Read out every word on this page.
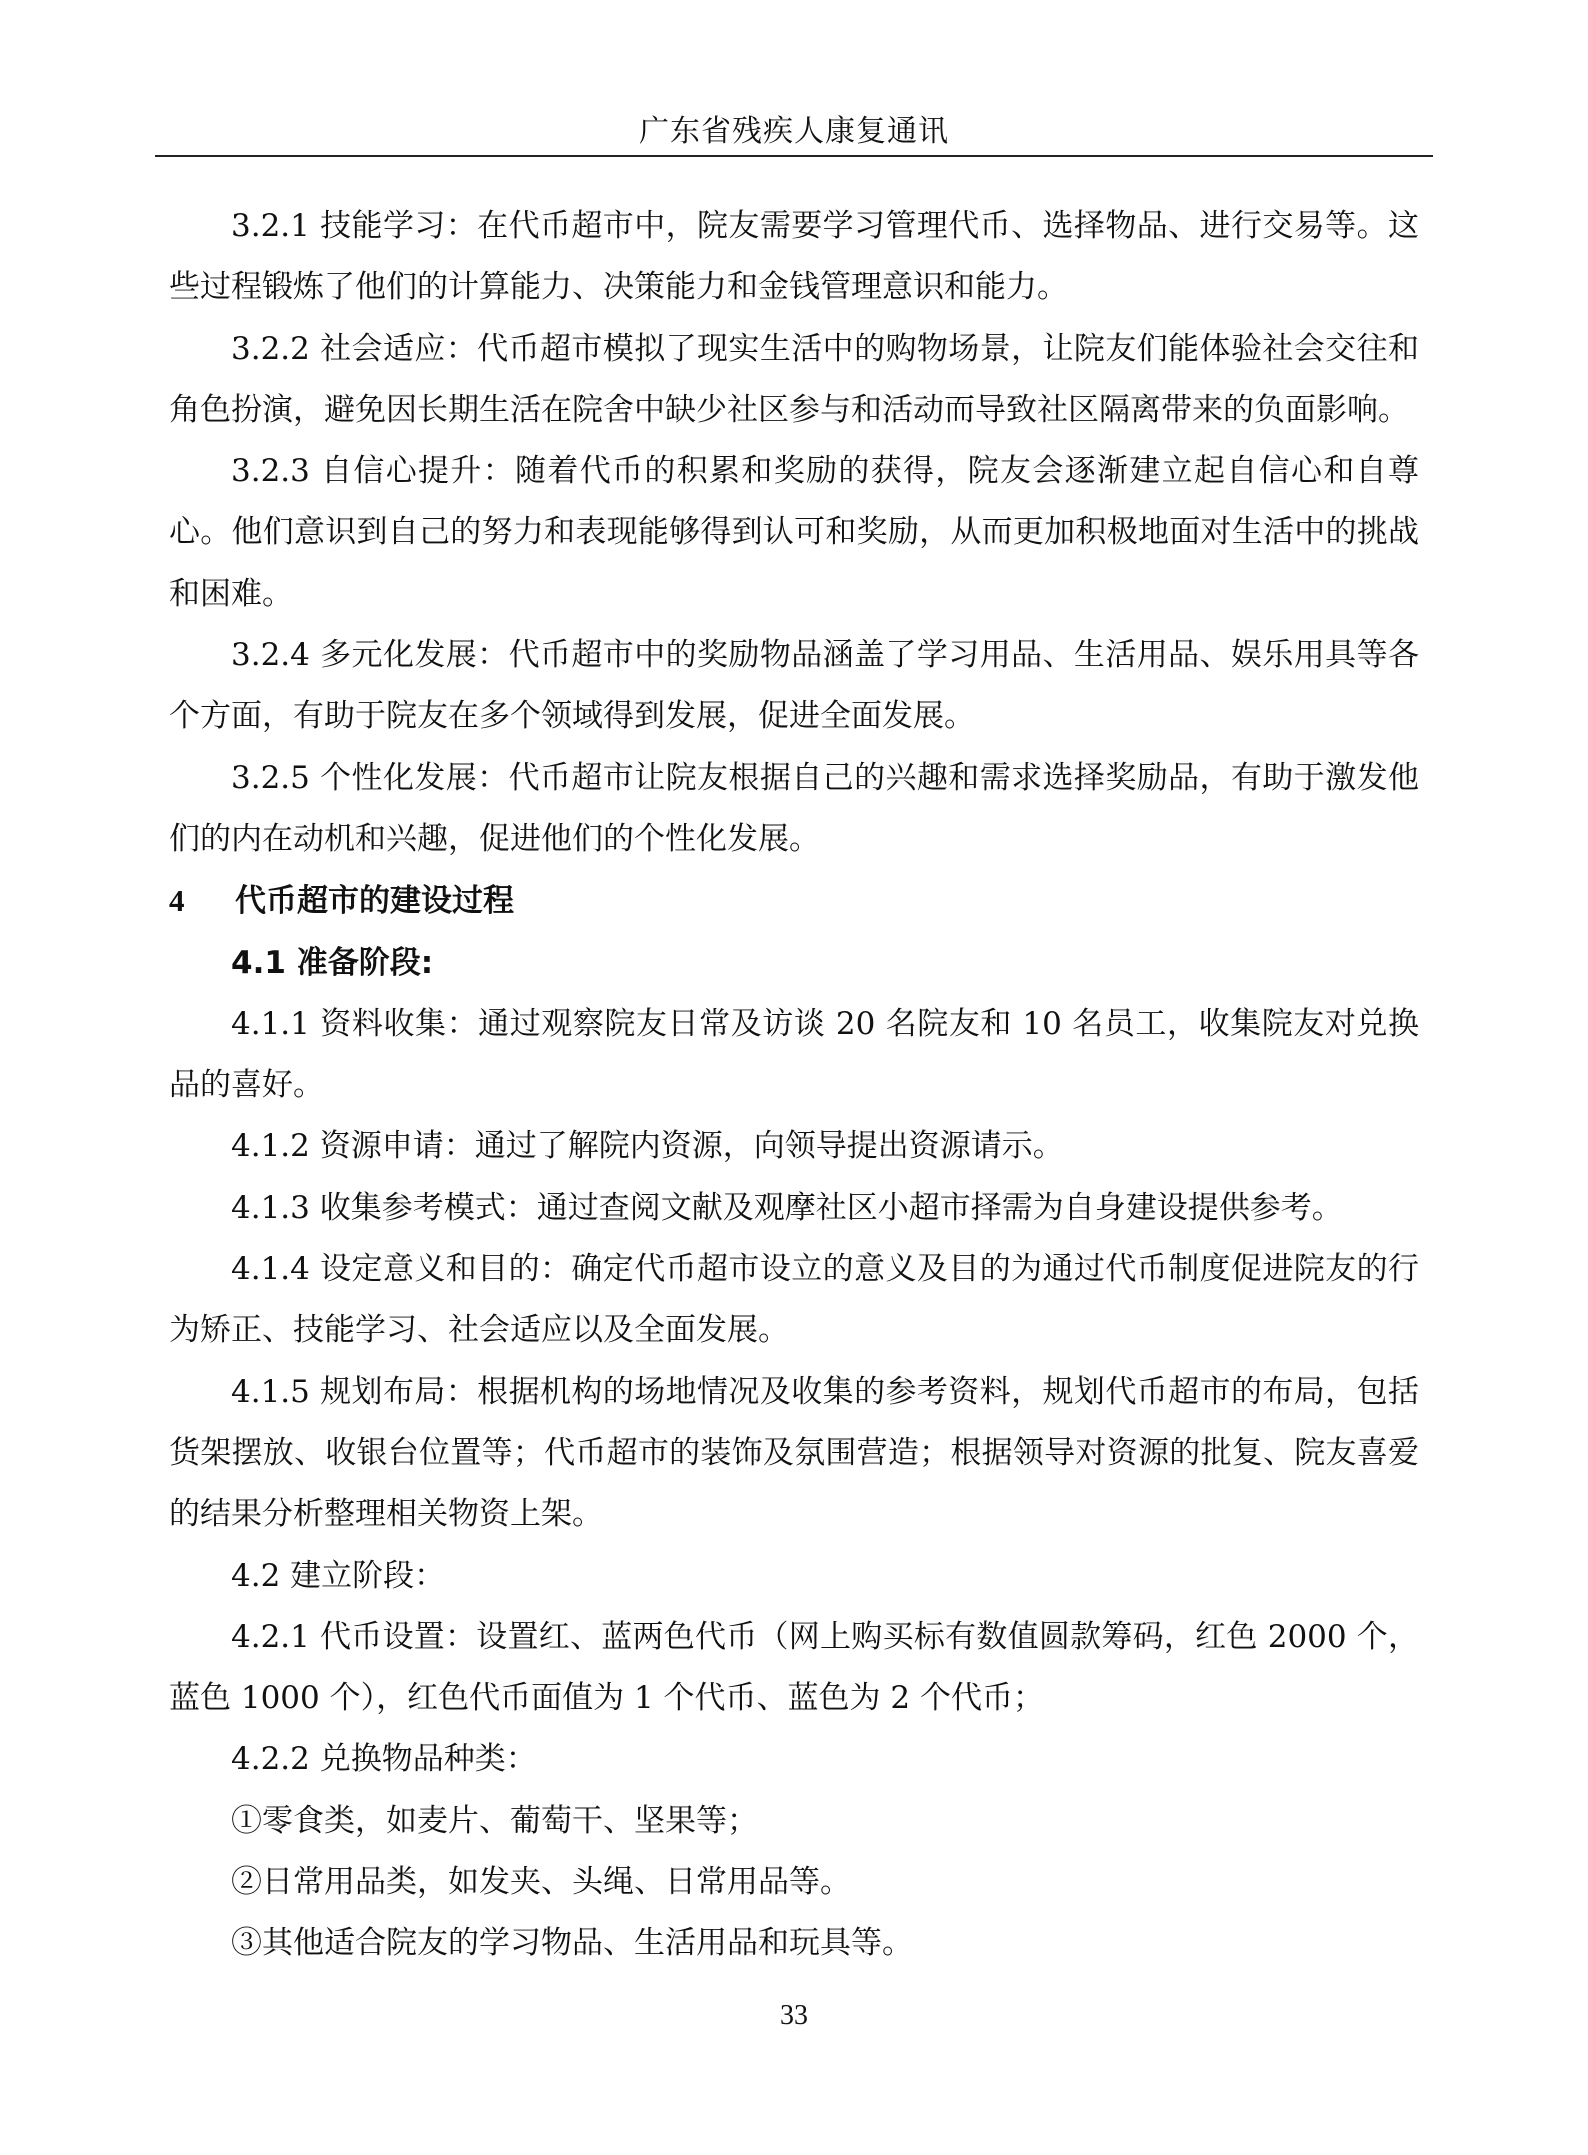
广东省残疾人康复通讯

3.2.1 技能学习：在代币超市中，院友需要学习管理代币、选择物品、进行交易等。这些过程锻炼了他们的计算能力、决策能力和金钱管理意识和能力。

3.2.2 社会适应：代币超市模拟了现实生活中的购物场景，让院友们能体验社会交往和角色扮演，避免因长期生活在院舍中缺少社区参与和活动而导致社区隔离带来的负面影响。

3.2.3 自信心提升：随着代币的积累和奖励的获得，院友会逐渐建立起自信心和自尊心。他们意识到自己的努力和表现能够得到认可和奖励，从而更加积极地面对生活中的挑战和困难。

3.2.4 多元化发展：代币超市中的奖励物品涵盖了学习用品、生活用品、娱乐用具等各个方面，有助于院友在多个领域得到发展，促进全面发展。

3.2.5 个性化发展：代币超市让院友根据自己的兴趣和需求选择奖励品，有助于激发他们的内在动机和兴趣，促进他们的个性化发展。

4 代币超市的建设过程

4.1 准备阶段:

4.1.1 资料收集：通过观察院友日常及访谈 20 名院友和 10 名员工，收集院友对兑换品的喜好。

4.1.2 资源申请：通过了解院内资源，向领导提出资源请示。

4.1.3 收集参考模式：通过查阅文献及观摩社区小超市择需为自身建设提供参考。

4.1.4 设定意义和目的：确定代币超市设立的意义及目的为通过代币制度促进院友的行为矫正、技能学习、社会适应以及全面发展。

4.1.5 规划布局：根据机构的场地情况及收集的参考资料，规划代币超市的布局，包括货架摆放、收银台位置等；代币超市的装饰及氛围营造；根据领导对资源的批复、院友喜爱的结果分析整理相关物资上架。

4.2 建立阶段：

4.2.1 代币设置：设置红、蓝两色代币（网上购买标有数值圆款筹码，红色 2000 个，蓝色 1000 个），红色代币面值为 1 个代币、蓝色为 2 个代币；

4.2.2 兑换物品种类：

①零食类，如麦片、葡萄干、坚果等；

②日常用品类，如发夹、头绳、日常用品等。

③其他适合院友的学习物品、生活用品和玩具等。

33
